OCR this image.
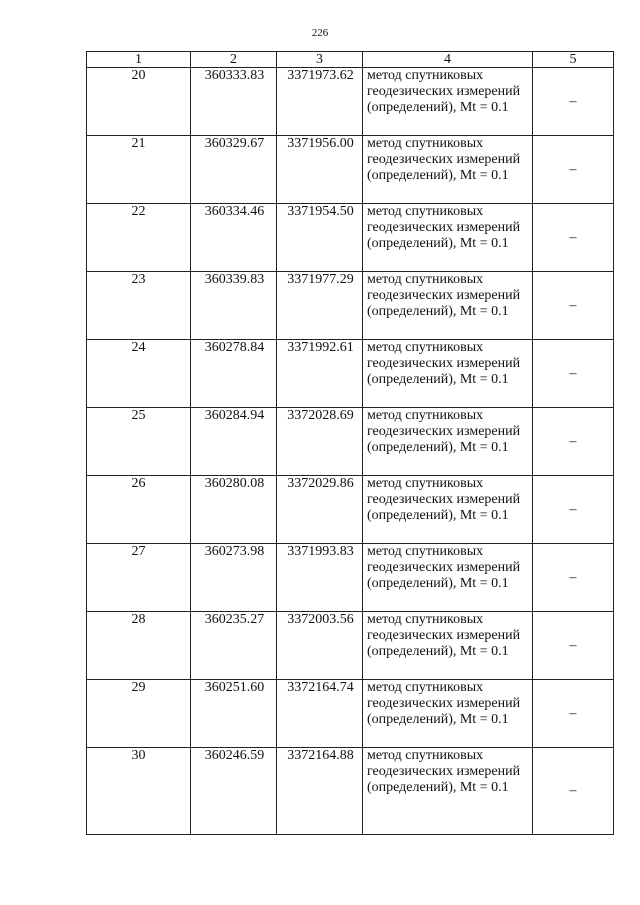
226
1	2	3	4	5
20	360333.83	3371973.62	метод спутниковых геодезических измерений (определений), Mt = 0.1	–
21	360329.67	3371956.00	метод спутниковых геодезических измерений (определений), Mt = 0.1	–
22	360334.46	3371954.50	метод спутниковых геодезических измерений (определений), Mt = 0.1	–
23	360339.83	3371977.29	метод спутниковых геодезических измерений (определений), Mt = 0.1	–
24	360278.84	3371992.61	метод спутниковых геодезических измерений (определений), Mt = 0.1	–
25	360284.94	3372028.69	метод спутниковых геодезических измерений (определений), Mt = 0.1	–
26	360280.08	3372029.86	метод спутниковых геодезических измерений (определений), Mt = 0.1	–
27	360273.98	3371993.83	метод спутниковых геодезических измерений (определений), Mt = 0.1	–
28	360235.27	3372003.56	метод спутниковых геодезических измерений (определений), Mt = 0.1	–
29	360251.60	3372164.74	метод спутниковых геодезических измерений (определений), Mt = 0.1	–
30	360246.59	3372164.88	метод спутниковых геодезических измерений (определений), Mt = 0.1	–
